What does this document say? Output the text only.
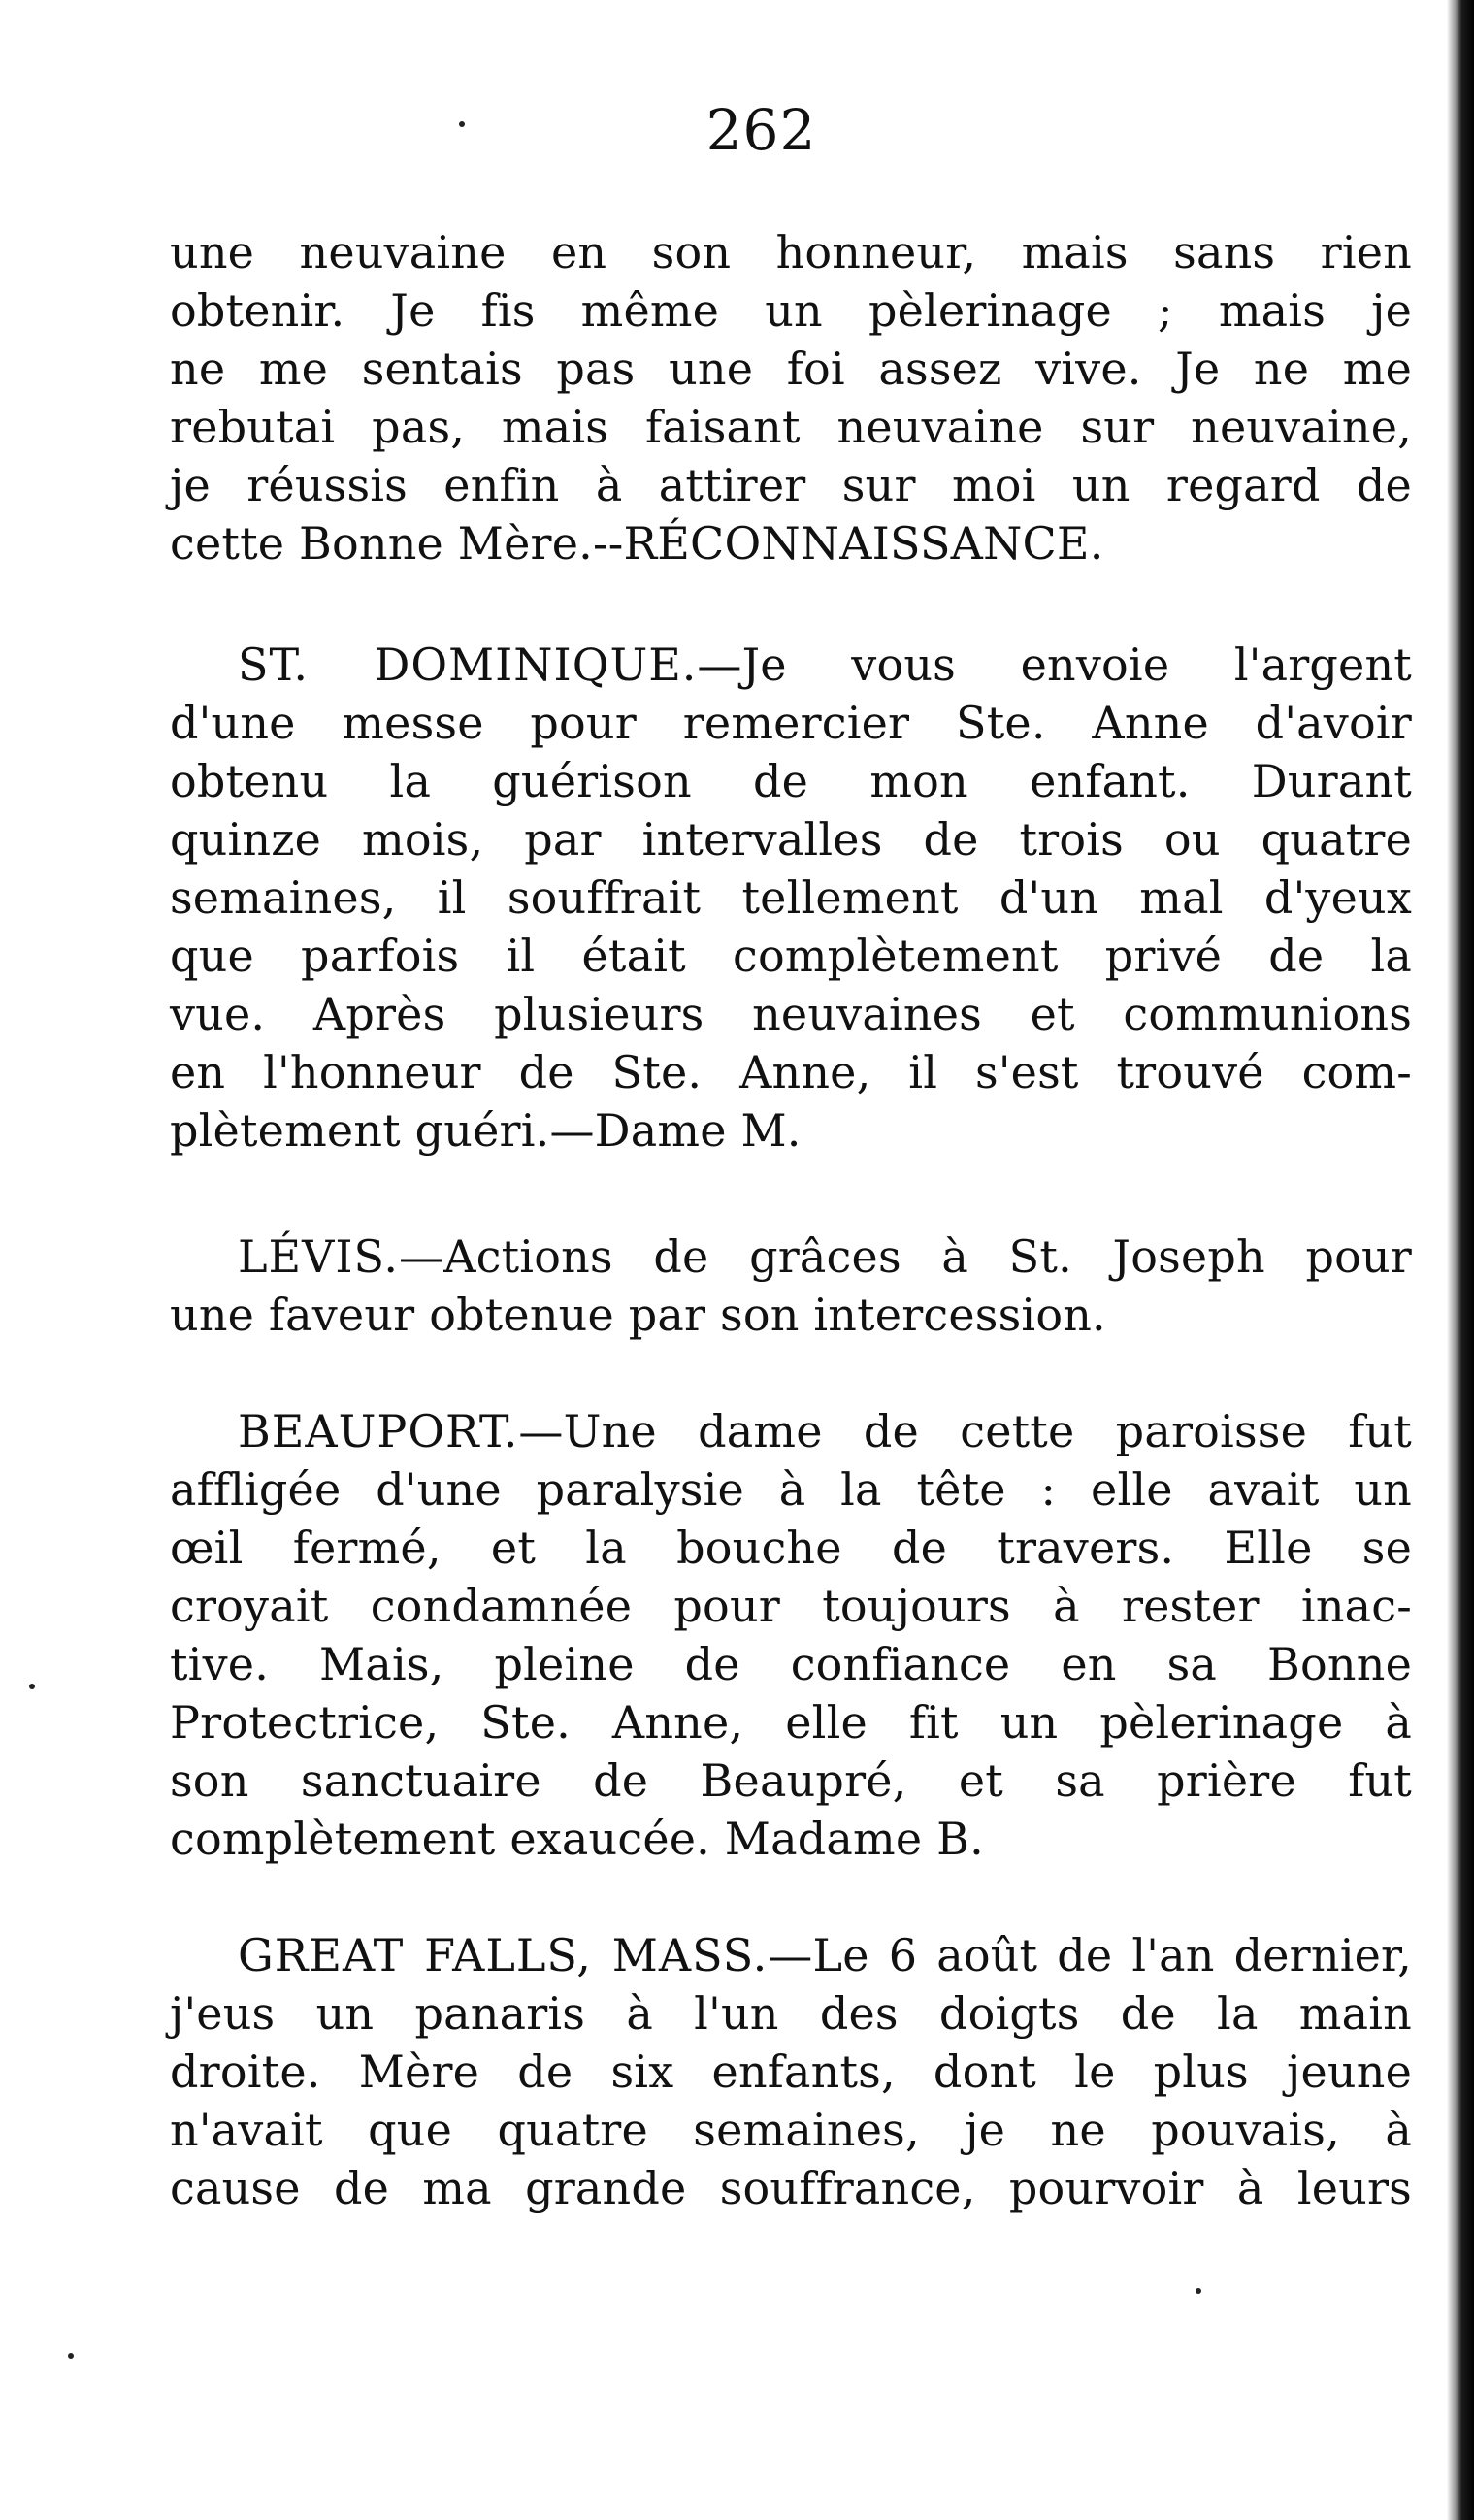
262
une neuvaine en son honneur, mais sans rien
obtenir. Je fis même un pèlerinage ; mais je
ne me sentais pas une foi assez vive. Je ne me
rebutai pas, mais faisant neuvaine sur neuvaine,
je réussis enfin à attirer sur moi un regard de
cette Bonne Mère.--RÉCONNAISSANCE.
ST. DOMINIQUE.—Je vous envoie l'argent
d'une messe pour remercier Ste. Anne d'avoir
obtenu la guérison de mon enfant. Durant
quinze mois, par intervalles de trois ou quatre
semaines, il souffrait tellement d'un mal d'yeux
que parfois il était complètement privé de la
vue. Après plusieurs neuvaines et communions
en l'honneur de Ste. Anne, il s'est trouvé com-
plètement guéri.—Dame M.
LÉVIS.—Actions de grâces à St. Joseph pour
une faveur obtenue par son intercession.
BEAUPORT.—Une dame de cette paroisse fut
affligée d'une paralysie à la tête : elle avait un
œil fermé, et la bouche de travers. Elle se
croyait condamnée pour toujours à rester inac-
tive. Mais, pleine de confiance en sa Bonne
Protectrice, Ste. Anne, elle fit un pèlerinage à
son sanctuaire de Beaupré, et sa prière fut
complètement exaucée. Madame B.
GREAT FALLS, MASS.—Le 6 août de l'an dernier,
j'eus un panaris à l'un des doigts de la main
droite. Mère de six enfants, dont le plus jeune
n'avait que quatre semaines, je ne pouvais, à
cause de ma grande souffrance, pourvoir à leurs
